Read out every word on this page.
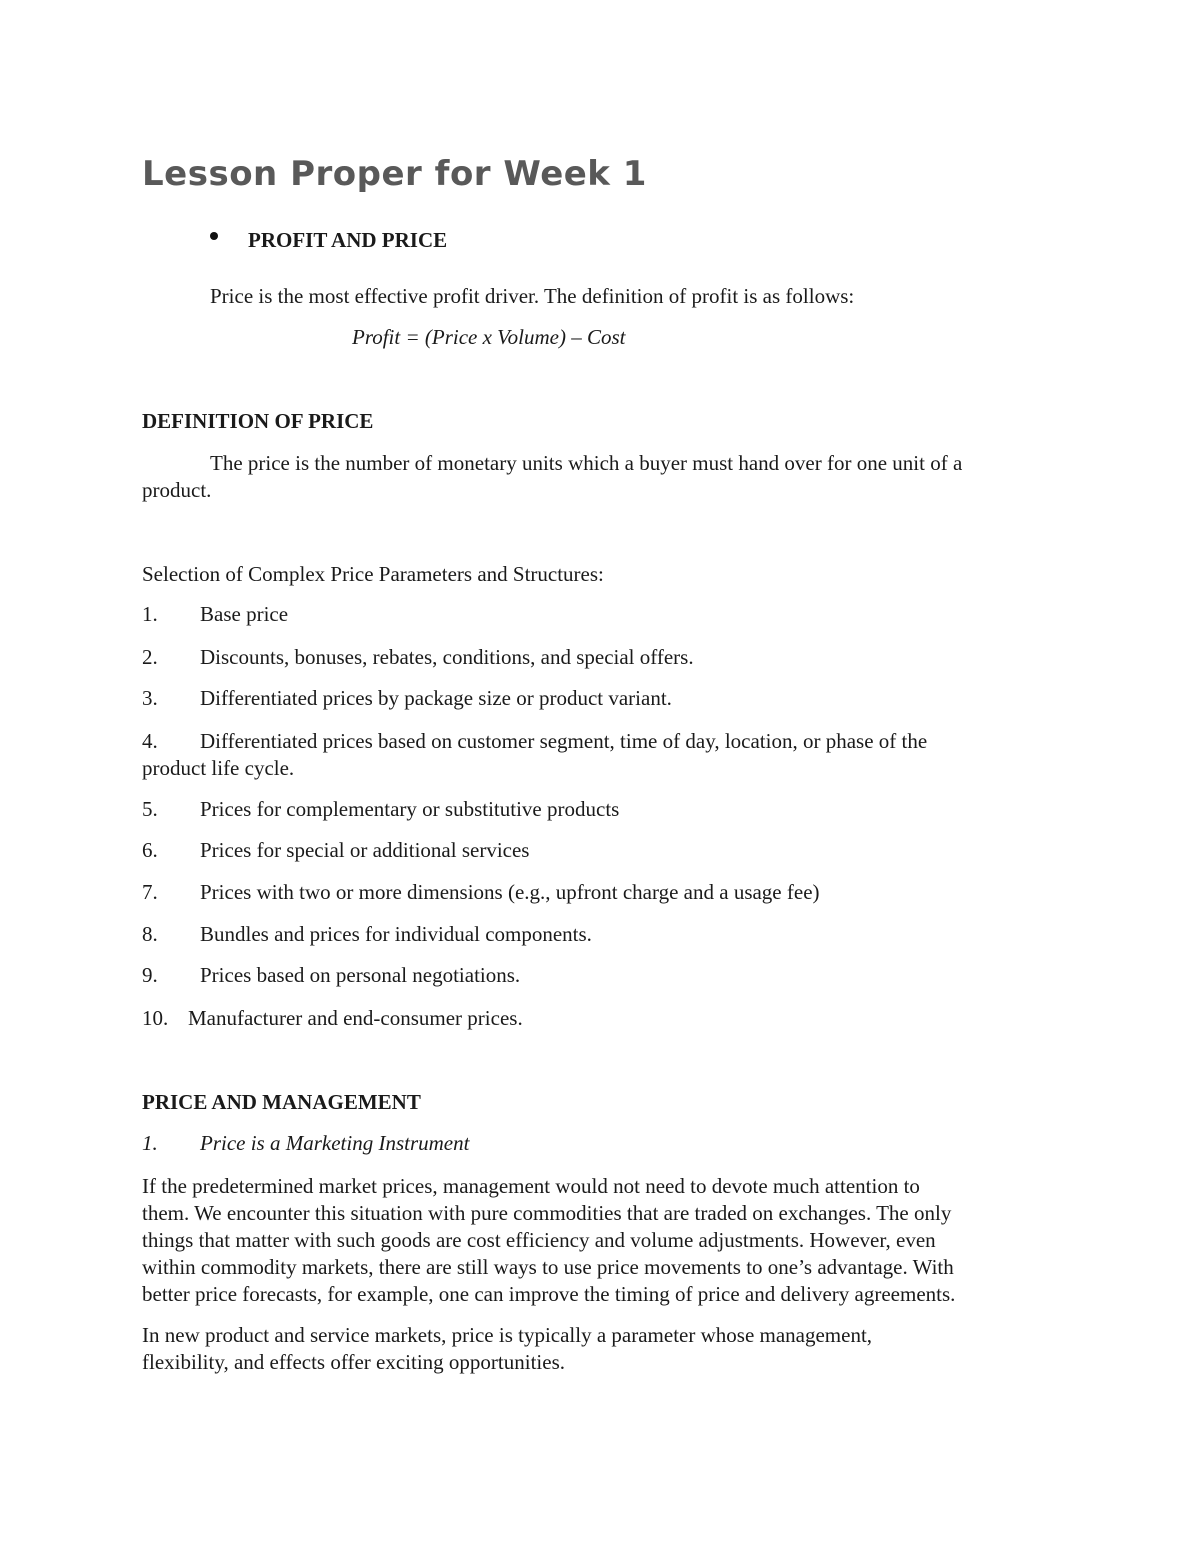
Lesson Proper for Week 1
PROFIT AND PRICE
Price is the most effective profit driver. The definition of profit is as follows:
Profit = (Price x Volume) – Cost
DEFINITION OF PRICE
The price is the number of monetary units which a buyer must hand over for one unit of a
product.
Selection of Complex Price Parameters and Structures:
1. Base price
2. Discounts, bonuses, rebates, conditions, and special offers.
3. Differentiated prices by package size or product variant.
4. Differentiated prices based on customer segment, time of day, location, or phase of the
product life cycle.
5. Prices for complementary or substitutive products
6. Prices for special or additional services
7. Prices with two or more dimensions (e.g., upfront charge and a usage fee)
8. Bundles and prices for individual components.
9. Prices based on personal negotiations.
10. Manufacturer and end-consumer prices.
PRICE AND MANAGEMENT
1. Price is a Marketing Instrument
If the predetermined market prices, management would not need to devote much attention to
them. We encounter this situation with pure commodities that are traded on exchanges. The only
things that matter with such goods are cost efficiency and volume adjustments. However, even
within commodity markets, there are still ways to use price movements to one’s advantage. With
better price forecasts, for example, one can improve the timing of price and delivery agreements.
In new product and service markets, price is typically a parameter whose management,
flexibility, and effects offer exciting opportunities.
